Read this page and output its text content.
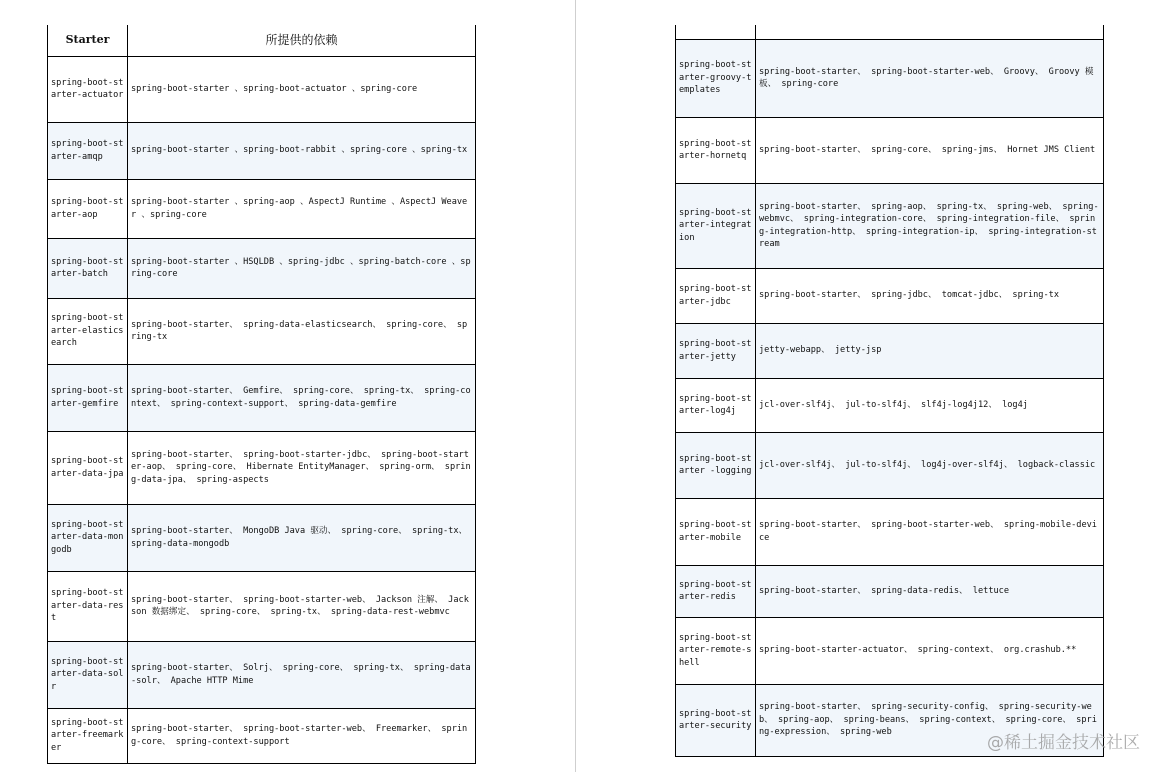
Starter	所提供的依赖
spring-boot-starter-actuator	spring-boot-starter 、spring-boot-actuator 、spring-core
spring-boot-starter-amqp	spring-boot-starter 、spring-boot-rabbit 、spring-core 、spring-tx
spring-boot-starter-aop	spring-boot-starter 、spring-aop 、AspectJ Runtime 、AspectJ Weaver 、spring-core
spring-boot-starter-batch	spring-boot-starter 、HSQLDB 、spring-jdbc 、spring-batch-core 、spring-core
spring-boot-starter-elasticsearch	spring-boot-starter、 spring-data-elasticsearch、 spring-core、 spring-tx
spring-boot-starter-gemfire	spring-boot-starter、 Gemfire、 spring-core、 spring-tx、 spring-context、 spring-context-support、 spring-data-gemfire
spring-boot-starter-data-jpa	spring-boot-starter、 spring-boot-starter-jdbc、 spring-boot-starter-aop、 spring-core、 Hibernate EntityManager、 spring-orm、 spring-data-jpa、 spring-aspects
spring-boot-starter-data-mongodb	spring-boot-starter、 MongoDB Java 驱动、 spring-core、 spring-tx、 spring-data-mongodb
spring-boot-starter-data-rest	spring-boot-starter、 spring-boot-starter-web、 Jackson 注解、 Jackson 数据绑定、 spring-core、 spring-tx、 spring-data-rest-webmvc
spring-boot-starter-data-solr	spring-boot-starter、 Solrj、 spring-core、 spring-tx、 spring-data-solr、 Apache HTTP Mime
spring-boot-starter-freemarker	spring-boot-starter、 spring-boot-starter-web、 Freemarker、 spring-core、 spring-context-support

spring-boot-starter-groovy-templates	spring-boot-starter、 spring-boot-starter-web、 Groovy、 Groovy 模板、 spring-core
spring-boot-starter-hornetq	spring-boot-starter、 spring-core、 spring-jms、 Hornet JMS Client
spring-boot-starter-integration	spring-boot-starter、 spring-aop、 spring-tx、 spring-web、 spring-webmvc、 spring-integration-core、 spring-integration-file、 spring-integration-http、 spring-integration-ip、 spring-integration-stream
spring-boot-starter-jdbc	spring-boot-starter、 spring-jdbc、 tomcat-jdbc、 spring-tx
spring-boot-starter-jetty	jetty-webapp、 jetty-jsp
spring-boot-starter-log4j	jcl-over-slf4j、 jul-to-slf4j、 slf4j-log4j12、 log4j
spring-boot-starter -logging	jcl-over-slf4j、 jul-to-slf4j、 log4j-over-slf4j、 logback-classic
spring-boot-starter-mobile	spring-boot-starter、 spring-boot-starter-web、 spring-mobile-device
spring-boot-starter-redis	spring-boot-starter、 spring-data-redis、 lettuce
spring-boot-starter-remote-shell	spring-boot-starter-actuator、 spring-context、 org.crashub.**
spring-boot-starter-security	spring-boot-starter、 spring-security-config、 spring-security-web、 spring-aop、 spring-beans、 spring-context、 spring-core、 spring-expression、 spring-web
@稀土掘金技术社区
